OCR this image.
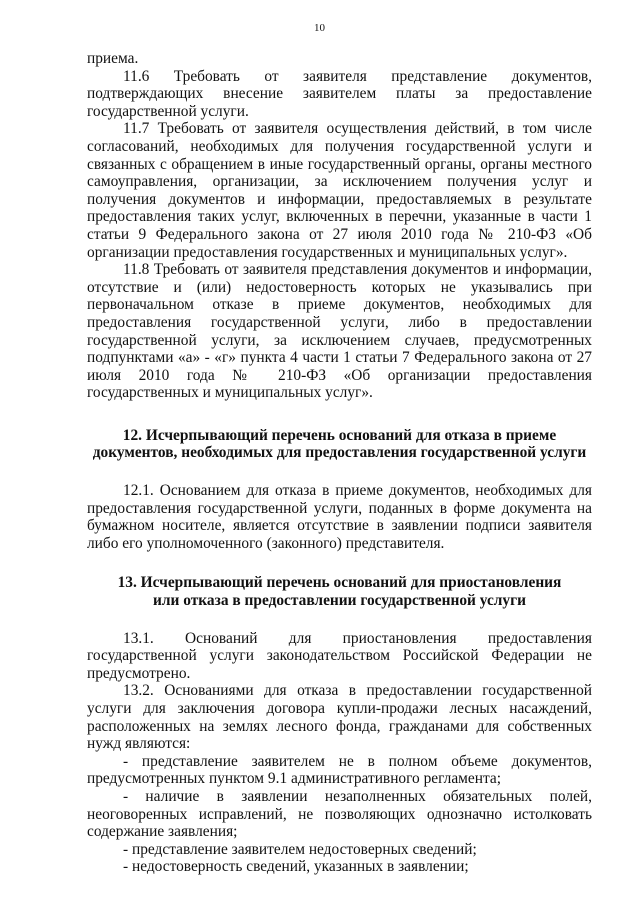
10

приема.

11.6 Требовать от заявителя представление документов, подтверждающих внесение заявителем платы за предоставление государственной услуги.

11.7 Требовать от заявителя осуществления действий, в том числе согласований, необходимых для получения государственной услуги и связанных с обращением в иные государственный органы, органы местного самоуправления, организации, за исключением получения услуг и получения документов и информации, предоставляемых в результате предоставления таких услуг, включенных в перечни, указанные в части 1 статьи 9 Федерального закона от 27 июля 2010 года № 210-ФЗ «Об организации предоставления государственных и муниципальных услуг».

11.8 Требовать от заявителя представления документов и информации, отсутствие и (или) недостоверность которых не указывались при первоначальном отказе в приеме документов, необходимых для предоставления государственной услуги, либо в предоставлении государственной услуги, за исключением случаев, предусмотренных подпунктами «а» - «г» пункта 4 части 1 статьи 7 Федерального закона от 27 июля 2010 года № 210-ФЗ «Об организации предоставления государственных и муниципальных услуг».

12. Исчерпывающий перечень оснований для отказа в приеме
документов, необходимых для предоставления государственной услуги

12.1. Основанием для отказа в приеме документов, необходимых для предоставления государственной услуги, поданных в форме документа на бумажном носителе, является отсутствие в заявлении подписи заявителя либо его уполномоченного (законного) представителя.

13. Исчерпывающий перечень оснований для приостановления
или отказа в предоставлении государственной услуги

13.1. Оснований для приостановления предоставления государственной услуги законодательством Российской Федерации не предусмотрено.

13.2. Основаниями для отказа в предоставлении государственной услуги для заключения договора купли-продажи лесных насаждений, расположенных на землях лесного фонда, гражданами для собственных нужд являются:

- представление заявителем не в полном объеме документов, предусмотренных пунктом 9.1 административного регламента;

- наличие в заявлении незаполненных обязательных полей, неоговоренных исправлений, не позволяющих однозначно истолковать содержание заявления;

- представление заявителем недостоверных сведений;

- недостоверность сведений, указанных в заявлении;
